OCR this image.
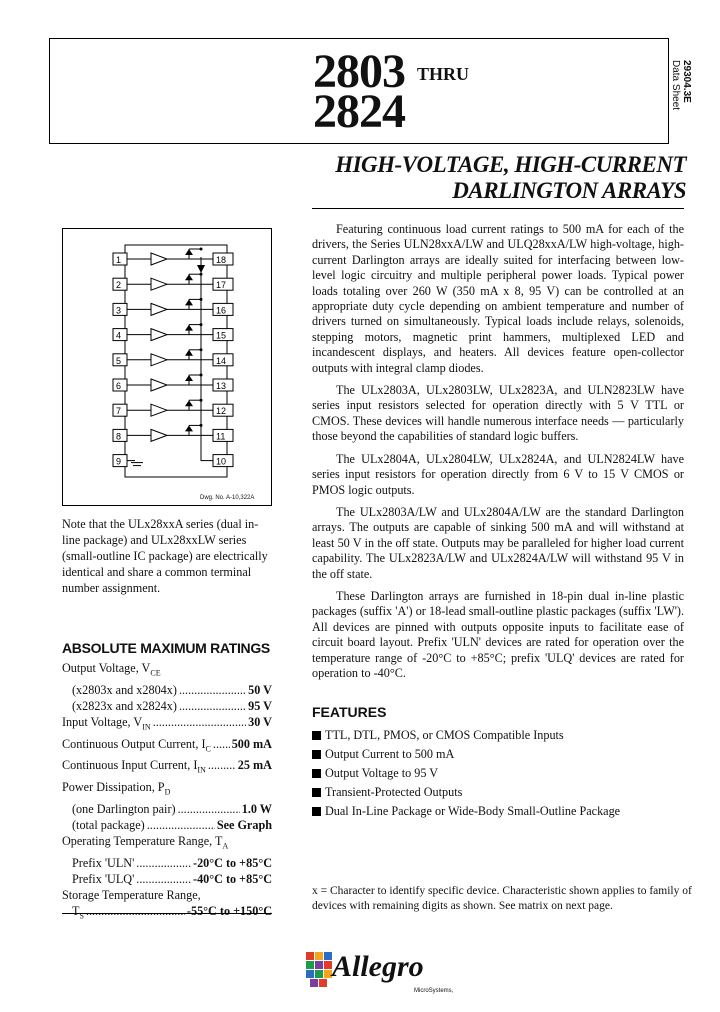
2803 THRU
2824	Data Sheet 29304.3E
HIGH-VOLTAGE, HIGH-CURRENT
DARLINGTON ARRAYS
1	18
2	17
3	16
4	15
5	14
6	13
7	12
8	11
9	10
Dwg. No. A-10,322A
Note that the ULx28xxA series (dual in-line package) and ULx28xxLW series (small-outline IC package) are electrically identical and share a common terminal number assignment.
ABSOLUTE MAXIMUM RATINGS
Output Voltage, $V_{CE}$
(x2803x and x2804x) .....	50 V
(x2823x and x2824x) .....	95 V
Input Voltage, $V_{IN}$ .....	30 V
Continuous Output Current, $I_C$ ..... 500 mA
Continuous Input Current, $I_{IN}$ .....	25 mA
Power Dissipation, $P_D$
(one Darlington pair) .....	1.0 W
(total package) .....	See Graph
Operating Temperature Range, $T_A$
Prefix 'ULN' .....	-20°C to +85°C
Prefix 'ULQ' .....	-40°C to +85°C
Storage Temperature Range,
$T_S$ .....	-55°C to +150°C

Featuring continuous load current ratings to 500 mA for each of the drivers, the Series ULN28xxA/LW and ULQ28xxA/LW high-voltage, high-current Darlington arrays are ideally suited for interfacing between low-level logic circuitry and multiple peripheral power loads. Typical power loads totaling over 260 W (350 mA x 8, 95 V) can be controlled at an appropriate duty cycle depending on ambient temperature and number of drivers turned on simultaneously. Typical loads include relays, solenoids, stepping motors, magnetic print hammers, multiplexed LED and incandescent displays, and heaters. All devices feature open-collector outputs with integral clamp diodes.

The ULx2803A, ULx2803LW, ULx2823A, and ULN2823LW have series input resistors selected for operation directly with 5 V TTL or CMOS. These devices will handle numerous interface needs — particularly those beyond the capabilities of standard logic buffers.

The ULx2804A, ULx2804LW, ULx2824A, and ULN2824LW have series input resistors for operation directly from 6 V to 15 V CMOS or PMOS logic outputs.

The ULx2803A/LW and ULx2804A/LW are the standard Darlington arrays. The outputs are capable of sinking 500 mA and will withstand at least 50 V in the off state. Outputs may be paralleled for higher load current capability. The ULx2823A/LW and ULx2824A/LW will withstand 95 V in the off state.

These Darlington arrays are furnished in 18-pin dual in-line plastic packages (suffix 'A') or 18-lead small-outline plastic packages (suffix 'LW'). All devices are pinned with outputs opposite inputs to facilitate ease of circuit board layout. Prefix 'ULN' devices are rated for operation over the temperature range of -20°C to +85°C; prefix 'ULQ' devices are rated for operation to -40°C.

FEATURES
TTL, DTL, PMOS, or CMOS Compatible Inputs
Output Current to 500 mA
Output Voltage to 95 V
Transient-Protected Outputs
Dual In-Line Package or Wide-Body Small-Outline Package
x = Character to identify specific device. Characteristic shown applies to family of devices with remaining digits as shown. See matrix on next page.
Allegro
MicroSystems,
